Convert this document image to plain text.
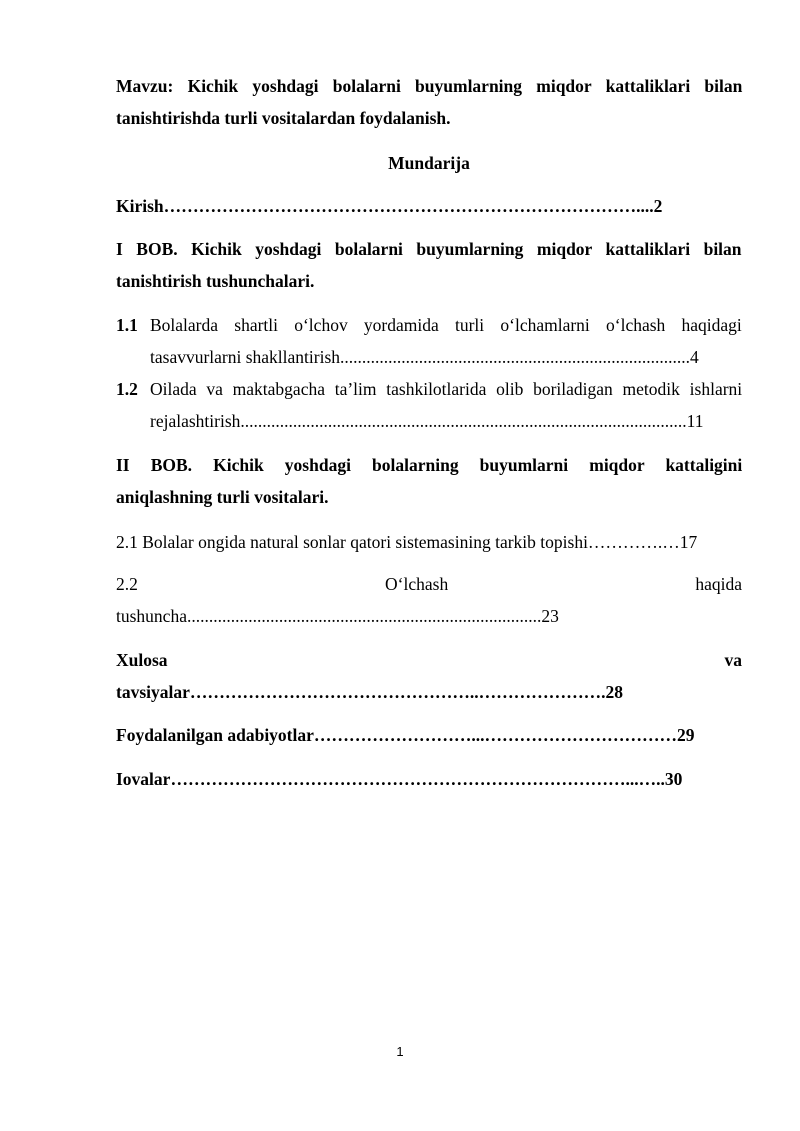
Mavzu: Kichik yoshdagi bolalarni buyumlarning miqdor kattaliklari bilan
tanishtirishda turli vositalardan foydalanish.
Mundarija
Kirish………………………………………………………………………....2
I BOB. Kichik yoshdagi bolalarni buyumlarning miqdor kattaliklari bilan
tanishtirish tushunchalari.
1.1 Bolalarda shartli o‘lchov yordamida turli o‘lchamlarni o‘lchash haqidagi
tasavvurlarni shakllantirish................................................................................4
1.2 Oilada va maktabgacha ta’lim tashkilotlarida olib boriladigan metodik ishlarni
rejalashtirish......................................................................................................11
II BOB. Kichik yoshdagi bolalarning buyumlarni miqdor kattaligini
aniqlashning turli vositalari.
2.1 Bolalar ongida natural sonlar qatori sistemasining tarkib topishi………….…17
2.2	O‘lchash	haqida
tushuncha.................................................................................23
Xulosa	va
tavsiyalar…………………………………………..………………….28
Foydalanilgan adabiyotlar………………………...……………………………29
Iovalar……………………………………………………………………...…..30
1
